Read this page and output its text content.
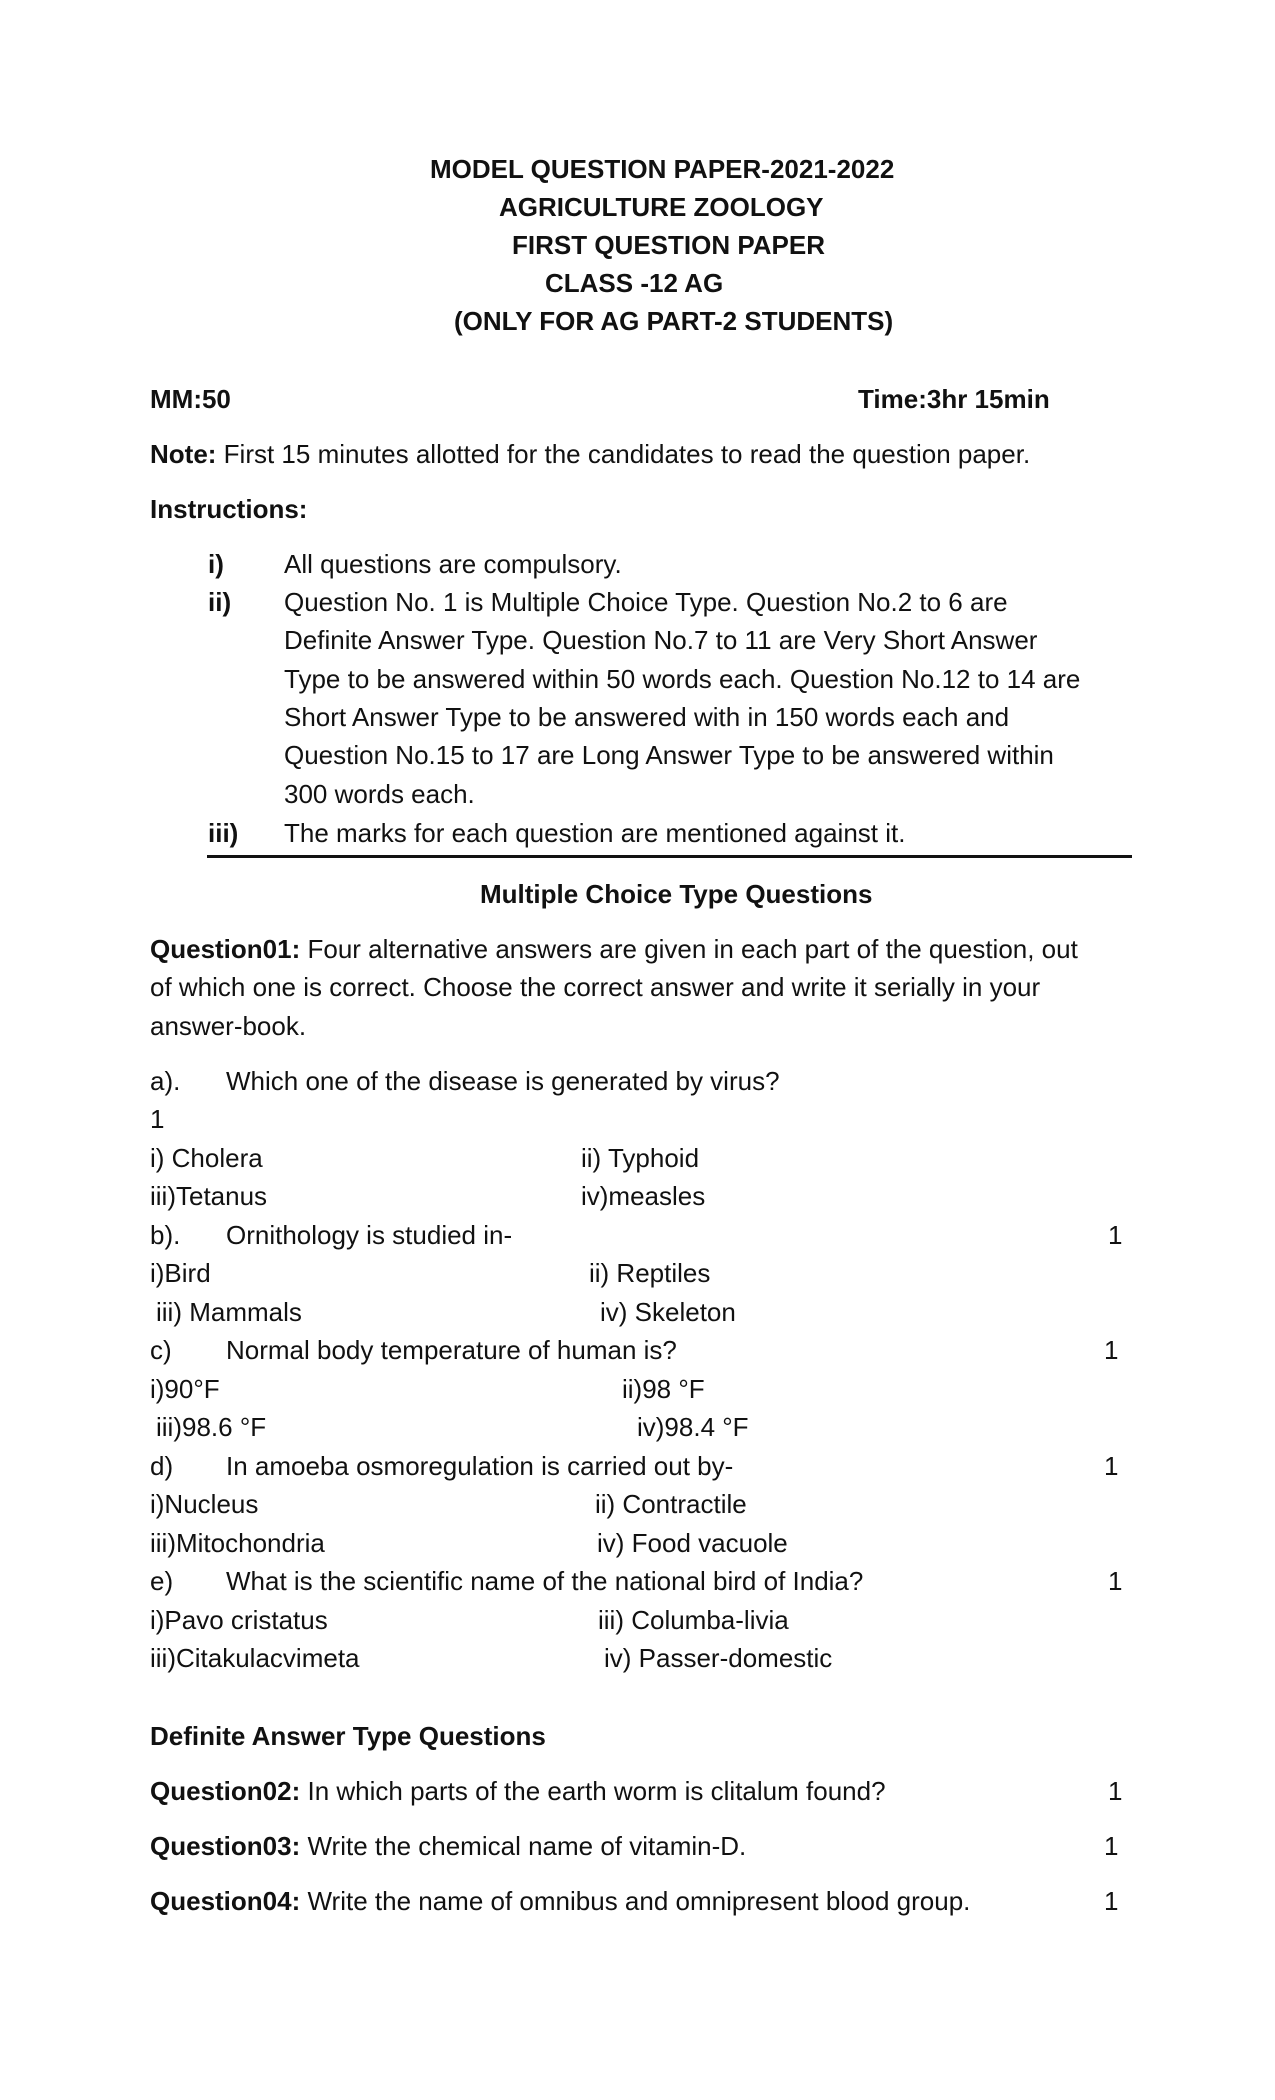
MODEL QUESTION PAPER-2021-2022
AGRICULTURE ZOOLOGY
FIRST QUESTION PAPER
CLASS -12 AG
(ONLY FOR AG PART-2 STUDENTS)
MM:50	Time:3hr 15min
Note: First 15 minutes allotted for the candidates to read the question paper.
Instructions:
i) All questions are compulsory.
ii) Question No. 1 is Multiple Choice Type. Question No.2 to 6 are
Definite Answer Type. Question No.7 to 11 are Very Short Answer
Type to be answered within 50 words each. Question No.12 to 14 are
Short Answer Type to be answered with in 150 words each and
Question No.15 to 17 are Long Answer Type to be answered within
300 words each.
iii) The marks for each question are mentioned against it.
Multiple Choice Type Questions
Question01: Four alternative answers are given in each part of the question, out
of which one is correct. Choose the correct answer and write it serially in your
answer-book.
a). Which one of the disease is generated by virus?
1
i) Cholera	ii) Typhoid
iii)Tetanus	iv)measles
b). Ornithology is studied in-	1
i)Bird	ii) Reptiles
iii) Mammals	iv) Skeleton
c) Normal body temperature of human is?	1
i)90°F	ii)98 °F
iii)98.6 °F	iv)98.4 °F
d) In amoeba osmoregulation is carried out by-	1
i)Nucleus	ii) Contractile
iii)Mitochondria	iv) Food vacuole
e) What is the scientific name of the national bird of India?	1
i)Pavo cristatus	iii) Columba-livia
iii)Citakulacvimeta	iv) Passer-domestic
Definite Answer Type Questions
Question02: In which parts of the earth worm is clitalum found?	1
Question03: Write the chemical name of vitamin-D.	1
Question04: Write the name of omnibus and omnipresent blood group.	1
